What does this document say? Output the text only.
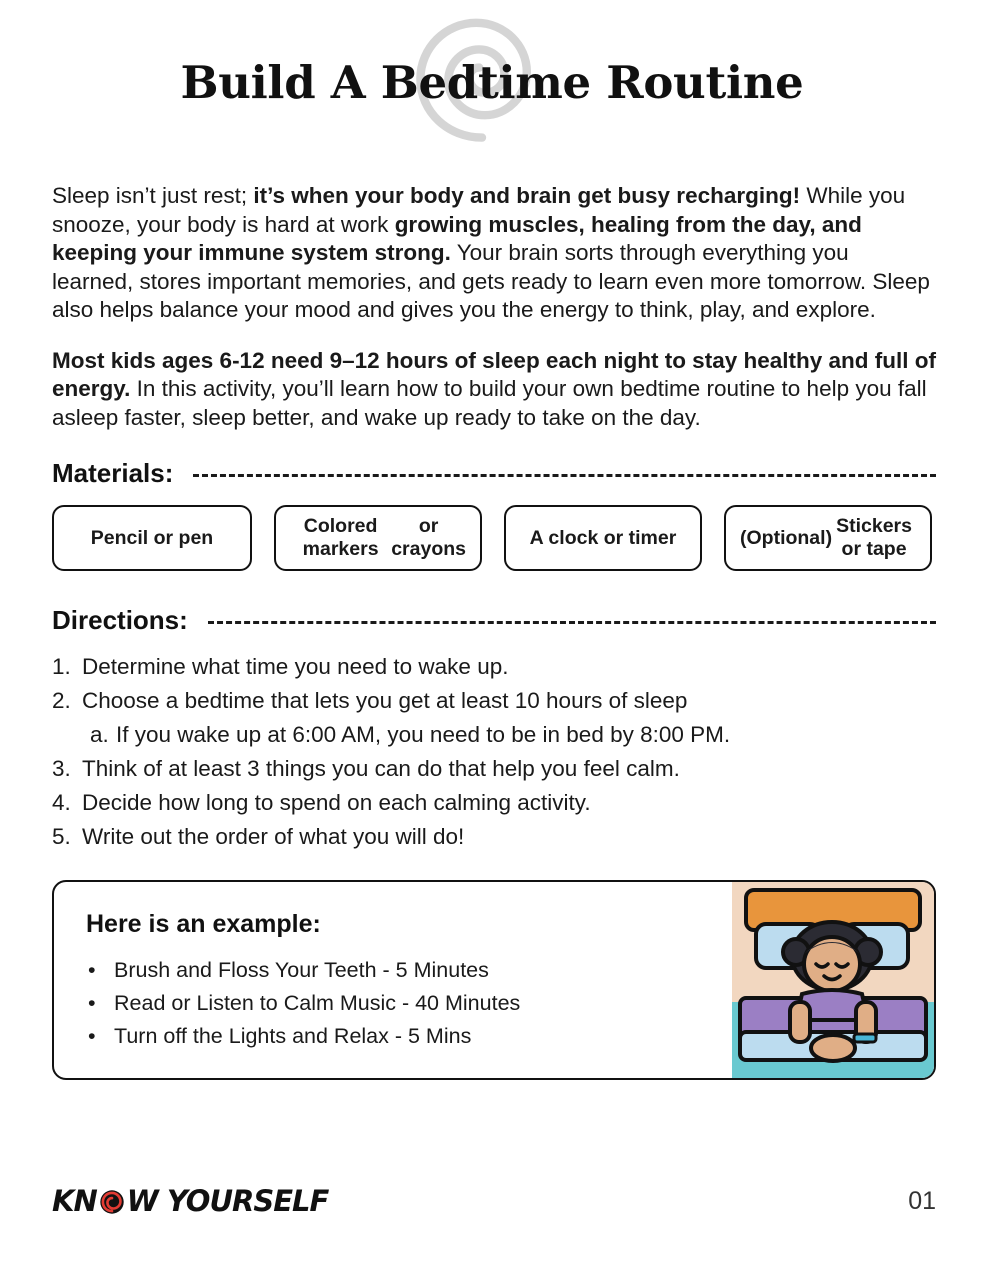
Build A Bedtime Routine

Sleep isn’t just rest; it’s when your body and brain get busy recharging! While you snooze, your body is hard at work growing muscles, healing from the day, and keeping your immune system strong. Your brain sorts through everything you learned, stores important memories, and gets ready to learn even more tomorrow. Sleep also helps balance your mood and gives you the energy to think, play, and explore.

Most kids ages 6-12 need 9–12 hours of sleep each night to stay healthy and full of energy. In this activity, you’ll learn how to build your own bedtime routine to help you fall asleep faster, sleep better, and wake up ready to take on the day.

Materials:
Pencil or pen
Colored markers

or crayons
A clock or timer	(Optional)

Stickers or tape
Directions:
1. Determine what time you need to wake up.
2. Choose a bedtime that lets you get at least 10 hours of sleep
a. If you wake up at 6:00 AM, you need to be in bed by 8:00 PM.
3. Think of at least 3 things you can do that help you feel calm.
4. Decide how long to spend on each calming activity.
5. Write out the order of what you will do!
Here is an example:
• Brush and Floss Your Teeth - 5 Minutes
• Read or Listen to Calm Music - 40 Minutes
• Turn off the Lights and Relax - 5 Mins
KN W YOURSELF	01
